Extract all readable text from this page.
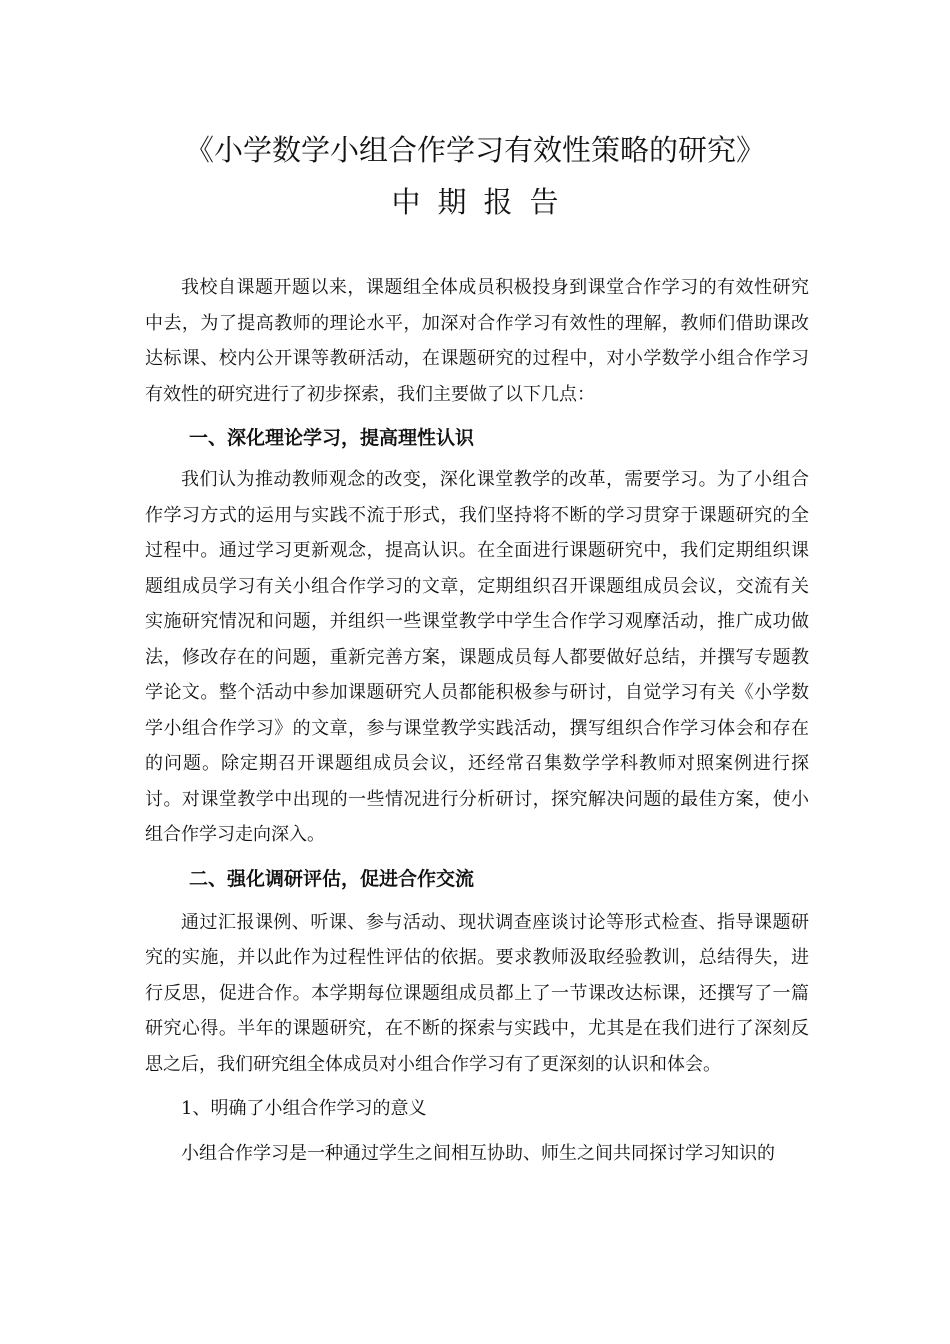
《小学数学小组合作学习有效性策略的研究》
中期报告

我校自课题开题以来，课题组全体成员积极投身到课堂合作学习的有效性研究中去，为了提高教师的理论水平，加深对合作学习有效性的理解，教师们借助课改达标课、校内公开课等教研活动，在课题研究的过程中，对小学数学小组合作学习有效性的研究进行了初步探索，我们主要做了以下几点：

一、深化理论学习，提高理性认识

我们认为推动教师观念的改变，深化课堂教学的改革，需要学习。为了小组合作学习方式的运用与实践不流于形式，我们坚持将不断的学习贯穿于课题研究的全过程中。通过学习更新观念，提高认识。在全面进行课题研究中，我们定期组织课题组成员学习有关小组合作学习的文章，定期组织召开课题组成员会议，交流有关实施研究情况和问题，并组织一些课堂教学中学生合作学习观摩活动，推广成功做法，修改存在的问题，重新完善方案，课题成员每人都要做好总结，并撰写专题教学论文。整个活动中参加课题研究人员都能积极参与研讨，自觉学习有关《小学数学小组合作学习》的文章，参与课堂教学实践活动，撰写组织合作学习体会和存在的问题。除定期召开课题组成员会议，还经常召集数学学科教师对照案例进行探讨。对课堂教学中出现的一些情况进行分析研讨，探究解决问题的最佳方案，使小组合作学习走向深入。

二、强化调研评估，促进合作交流

通过汇报课例、听课、参与活动、现状调查座谈讨论等形式检查、指导课题研究的实施，并以此作为过程性评估的依据。要求教师汲取经验教训，总结得失，进行反思，促进合作。本学期每位课题组成员都上了一节课改达标课，还撰写了一篇研究心得。半年的课题研究，在不断的探索与实践中，尤其是在我们进行了深刻反思之后，我们研究组全体成员对小组合作学习有了更深刻的认识和体会。

1、明确了小组合作学习的意义

小组合作学习是一种通过学生之间相互协助、师生之间共同探讨学习知识的
